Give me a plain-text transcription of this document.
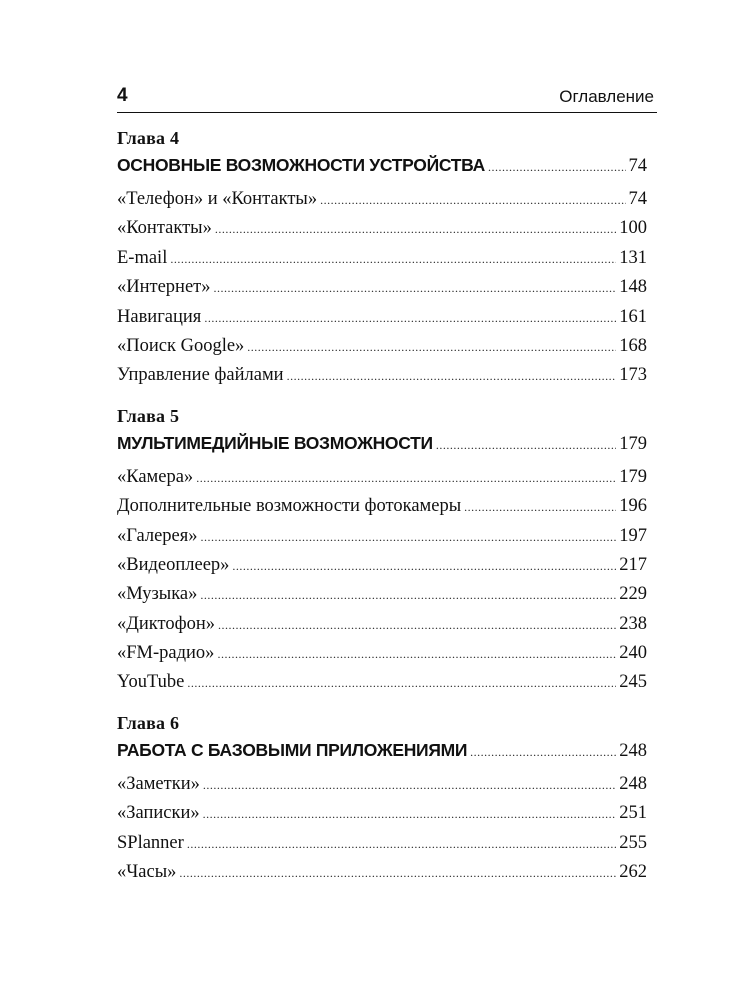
4	Оглавление
Глава 4
ОСНОВНЫЕ ВОЗМОЖНОСТИ УСТРОЙСТВА .....	74
«Телефон» и «Контакты» .....	74
«Контакты» .....	100
E-mail .....	131
«Интернет» .....	148
Навигация .....	161
«Поиск Google» .....	168
Управление файлами .....	173
Глава 5
МУЛЬТИМЕДИЙНЫЕ ВОЗМОЖНОСТИ .....	179
«Камера» .....	179
Дополнительные возможности фотокамеры .....	196
«Галерея» .....	197
«Видеоплеер» .....	217
«Музыка» .....	229
«Диктофон» .....	238
«FM-радио» .....	240
YouTube .....	245
Глава 6
РАБОТА С БАЗОВЫМИ ПРИЛОЖЕНИЯМИ .....	248
«Заметки» .....	248
«Записки» .....	251
SPlanner .....	255
«Часы» .....	262
